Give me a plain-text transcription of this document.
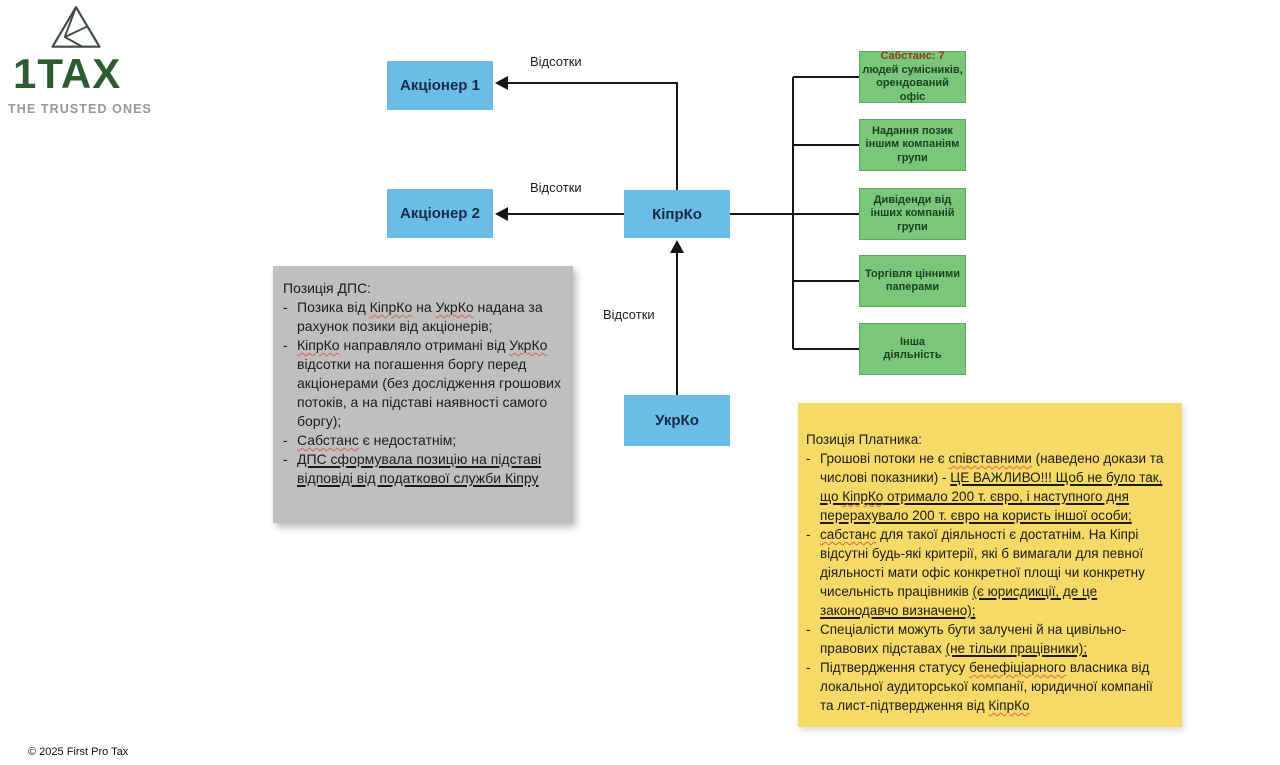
1TAX
THE TRUSTED ONES
Акціонер 1
Акціонер 2	КіпрКо
УкрКо
Відсотки
Відсотки
Відсотки
Сабстанс: 7
людей сумісників,
орендований офіс
Надання позик
іншим компаніям
групи
Дивіденди від
інших компаній
групи
Торгівля цінними
паперами
Інша
діяльність
Позиція ДПС:
-
Позика від КіпрКо на УкрКо надана за рахунок позики від акціонерів;
-
КіпрКо направляло отримані від УкрКо відсотки на погашення боргу перед акціонерами (без дослідження грошових потоків, а на підставі наявності самого боргу);
-
Сабстанс є недостатнім;
-
ДПС сформувала позицію на підставі відповіді від податкової служби Кіпру
Позиція Платника:
-
Грошові потоки не є співставними (наведено докази та числові показники) - ЦЕ ВАЖЛИВО!!! Щоб не було так, що КіпрКо отримало 200 т. євро, і наступного дня перерахувало 200 т. євро на користь іншої особи;
-
сабстанс для такої діяльності є достатнім. На Кіпрі відсутні будь-які критерії, які б вимагали для певної діяльності мати офіс конкретної площі чи конкретну чисельність працівників (є юрисдикції, де це законодавчо визначено);
-
Спеціалісти можуть бути залучені й на цивільно-правових підставах (не тільки працівники);
-
Підтвердження статусу бенефіціарного власника від локальної аудиторської компанії, юридичної компанії та лист-підтвердження від КіпрКо
© 2025 First Pro Tax
